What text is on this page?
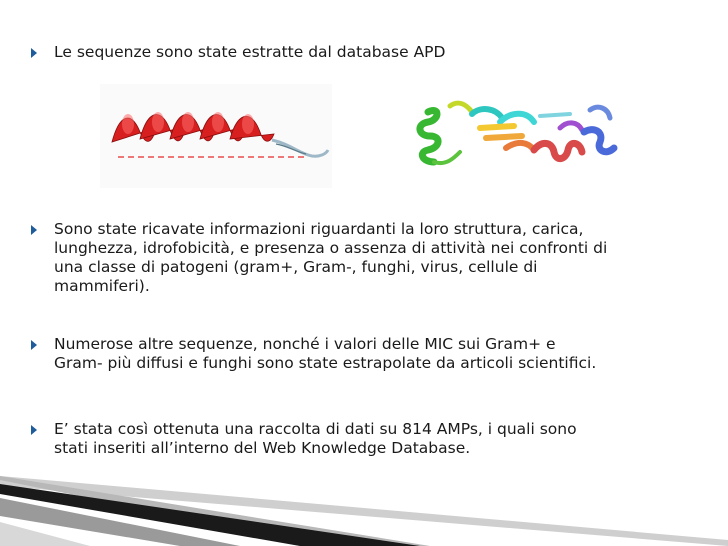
Le sequenze sono state estratte dal database APD
Sono state ricavate informazioni riguardanti la loro struttura, carica,
lunghezza, idrofobicità, e presenza o assenza di attività nei confronti di
una classe di patogeni (gram+, Gram-, funghi, virus, cellule di
mammiferi).
Numerose altre sequenze, nonché i valori delle MIC sui Gram+ e
Gram- più diffusi e funghi sono state estrapolate da articoli scientifici.
E’ stata così ottenuta una raccolta di dati su 814 AMPs, i quali sono
stati inseriti all’interno del Web Knowledge Database.
